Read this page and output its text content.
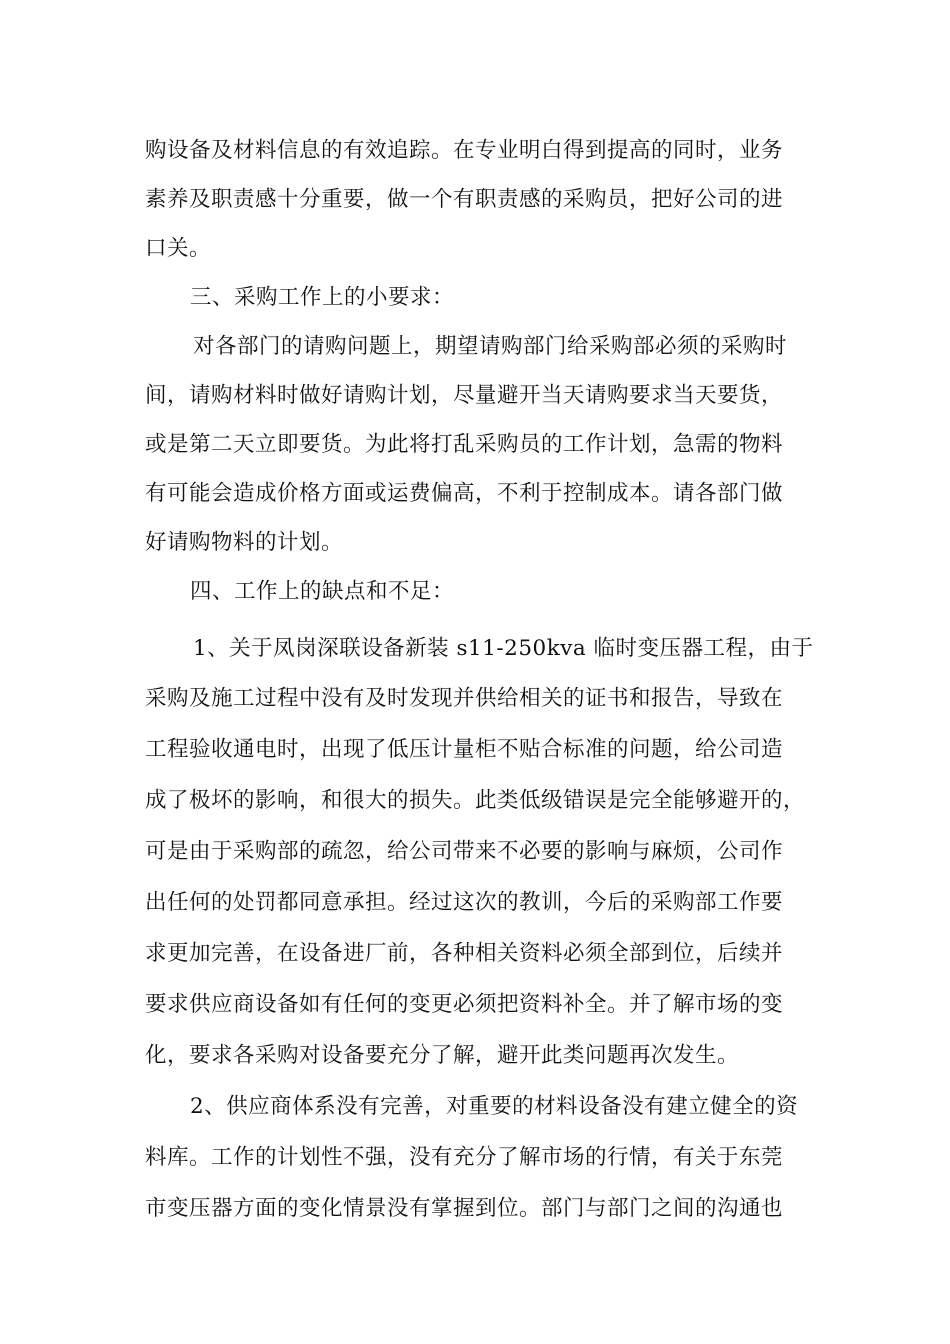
购设备及材料信息的有效追踪。在专业明白得到提高的同时，业务
素养及职责感十分重要，做一个有职责感的采购员，把好公司的进
口关。
三、采购工作上的小要求：
对各部门的请购问题上，期望请购部门给采购部必须的采购时
间，请购材料时做好请购计划，尽量避开当天请购要求当天要货，
或是第二天立即要货。为此将打乱采购员的工作计划，急需的物料
有可能会造成价格方面或运费偏高，不利于控制成本。请各部门做
好请购物料的计划。
四、工作上的缺点和不足：
1、关于凤岗深联设备新装 s11-250kva 临时变压器工程，由于
采购及施工过程中没有及时发现并供给相关的证书和报告，导致在
工程验收通电时，出现了低压计量柜不贴合标准的问题，给公司造
成了极坏的影响，和很大的损失。此类低级错误是完全能够避开的，
可是由于采购部的疏忽，给公司带来不必要的影响与麻烦，公司作
出任何的处罚都同意承担。经过这次的教训，今后的采购部工作要
求更加完善，在设备进厂前，各种相关资料必须全部到位，后续并
要求供应商设备如有任何的变更必须把资料补全。并了解市场的变
化，要求各采购对设备要充分了解，避开此类问题再次发生。
2、供应商体系没有完善，对重要的材料设备没有建立健全的资
料库。工作的计划性不强，没有充分了解市场的行情，有关于东莞
市变压器方面的变化情景没有掌握到位。部门与部门之间的沟通也
